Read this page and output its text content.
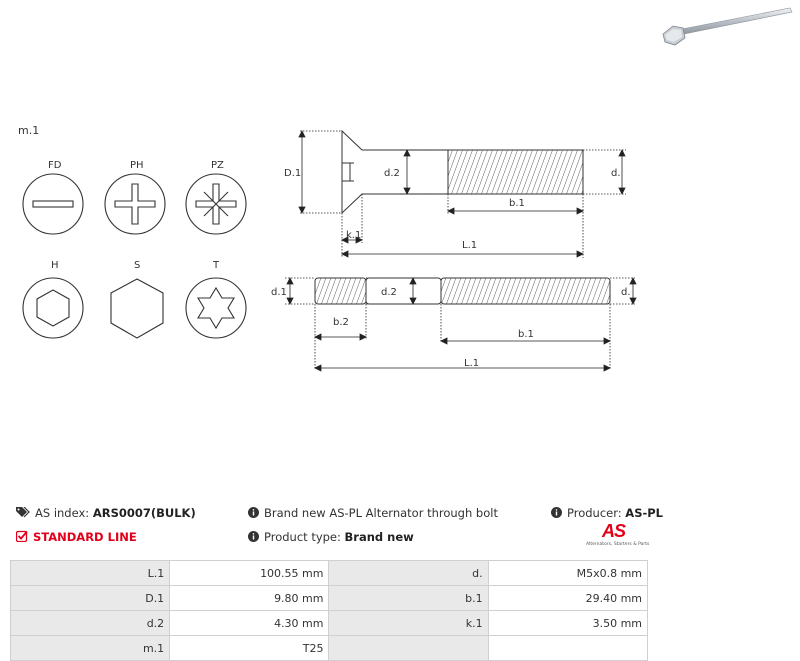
m.1
FD	PH	PZ
H	S	T
D.1	d.2	d.
b.1
k.1
L.1
d.1	d.2	d.
b.2
b.1
L.1
AS index: ARS0007(BULK)
STANDARD LINE
Brand new AS-PL Alternator through bolt
Product type: Brand new
Producer: AS-PL
AS
Alternators, Starters & Parts
L.1	100.55 mm	d.	M5x0.8 mm
D.1	9.80 mm	b.1	29.40 mm
d.2	4.30 mm	k.1	3.50 mm
m.1	T25		
